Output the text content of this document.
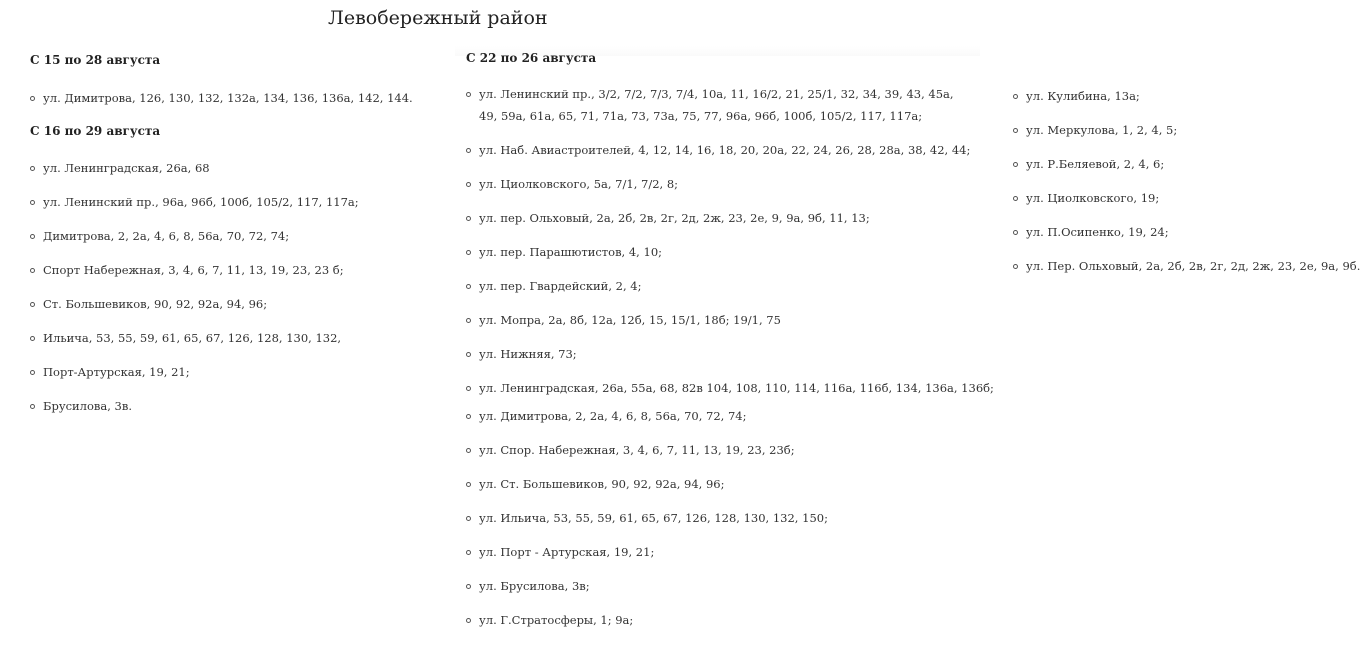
Левобережный район

С 15 по 28 августа

ул. Димитрова, 126, 130, 132, 132а, 134, 136, 136а, 142, 144.

С 16 по 29 августа

ул. Ленинградская, 26а, 68
ул. Ленинский пр., 96а, 96б, 100б, 105/2, 117, 117а;
Димитрова, 2, 2а, 4, 6, 8, 56а, 70, 72, 74;
Спорт Набережная, 3, 4, 6, 7, 11, 13, 19, 23, 23 б;
Ст. Большевиков, 90, 92, 92а, 94, 96;
Ильича, 53, 55, 59, 61, 65, 67, 126, 128, 130, 132,
Порт-Артурская, 19, 21;
Брусилова, 3в.

С 22 по 26 августа

ул. Ленинский пр., 3/2, 7/2, 7/3, 7/4, 10а, 11, 16/2, 21, 25/1, 32, 34, 39, 43, 45а, 49, 59а, 61а, 65, 71, 71а, 73, 73а, 75, 77, 96а, 96б, 100б, 105/2, 117, 117а;
ул. Наб. Авиастроителей, 4, 12, 14, 16, 18, 20, 20а, 22, 24, 26, 28, 28а, 38, 42, 44;
ул. Циолковского, 5а, 7/1, 7/2, 8;
ул. пер. Ольховый, 2а, 2б, 2в, 2г, 2д, 2ж, 23, 2е, 9, 9а, 9б, 11, 13;
ул. пер. Парашютистов, 4, 10;
ул. пер. Гвардейский, 2, 4;
ул. Мопра, 2а, 8б, 12а, 12б, 15, 15/1, 18б; 19/1, 75
ул. Нижняя, 73;
ул. Ленинградская, 26а, 55а, 68, 82в 104, 108, 110, 114, 116а, 116б, 134, 136а, 136б;
ул. Димитрова, 2, 2а, 4, 6, 8, 56а, 70, 72, 74;
ул. Спор. Набережная, 3, 4, 6, 7, 11, 13, 19, 23, 23б;
ул. Ст. Большевиков, 90, 92, 92а, 94, 96;
ул. Ильича, 53, 55, 59, 61, 65, 67, 126, 128, 130, 132, 150;
ул. Порт - Артурская, 19, 21;
ул. Брусилова, 3в;
ул. Г.Стратосферы, 1; 9а;
ул. Кулибина, 13а;
ул. Меркулова, 1, 2, 4, 5;
ул. Р.Беляевой, 2, 4, 6;
ул. Циолковского, 19;
ул. П.Осипенко, 19, 24;
ул. Пер. Ольховый, 2а, 2б, 2в, 2г, 2д, 2ж, 23, 2е, 9а, 9б.
